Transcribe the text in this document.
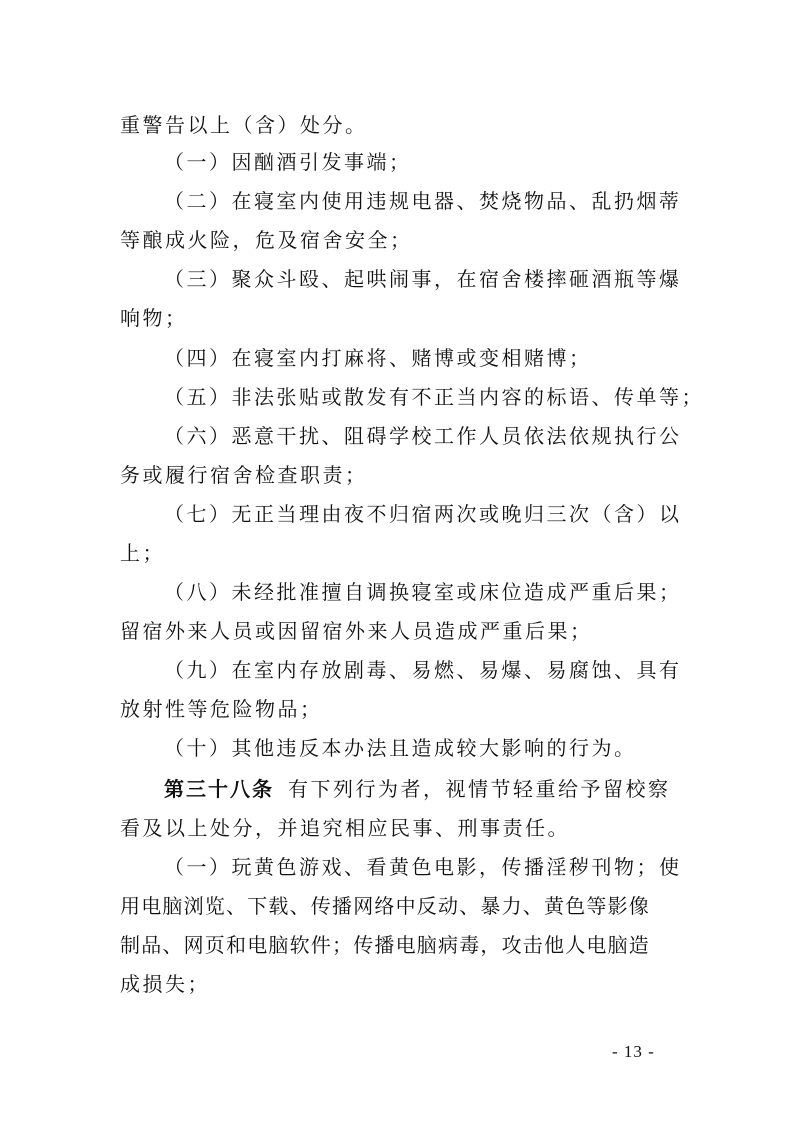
重警告以上（含）处分。
（一）因酗酒引发事端；
（二）在寝室内使用违规电器、焚烧物品、乱扔烟蒂
等酿成火险，危及宿舍安全；
（三）聚众斗殴、起哄闹事，在宿舍楼摔砸酒瓶等爆
响物；
（四）在寝室内打麻将、赌博或变相赌博；
（五）非法张贴或散发有不正当内容的标语、传单等；
（六）恶意干扰、阻碍学校工作人员依法依规执行公
务或履行宿舍检查职责；
（七）无正当理由夜不归宿两次或晚归三次（含）以
上；
（八）未经批准擅自调换寝室或床位造成严重后果；
留宿外来人员或因留宿外来人员造成严重后果；
（九）在室内存放剧毒、易燃、易爆、易腐蚀、具有
放射性等危险物品；
（十）其他违反本办法且造成较大影响的行为。
第三十八条 有下列行为者，视情节轻重给予留校察
看及以上处分，并追究相应民事、刑事责任。
（一）玩黄色游戏、看黄色电影，传播淫秽刊物；使
用电脑浏览、下载、传播网络中反动、暴力、黄色等影像
制品、网页和电脑软件；传播电脑病毒，攻击他人电脑造
成损失；
- 13 -
